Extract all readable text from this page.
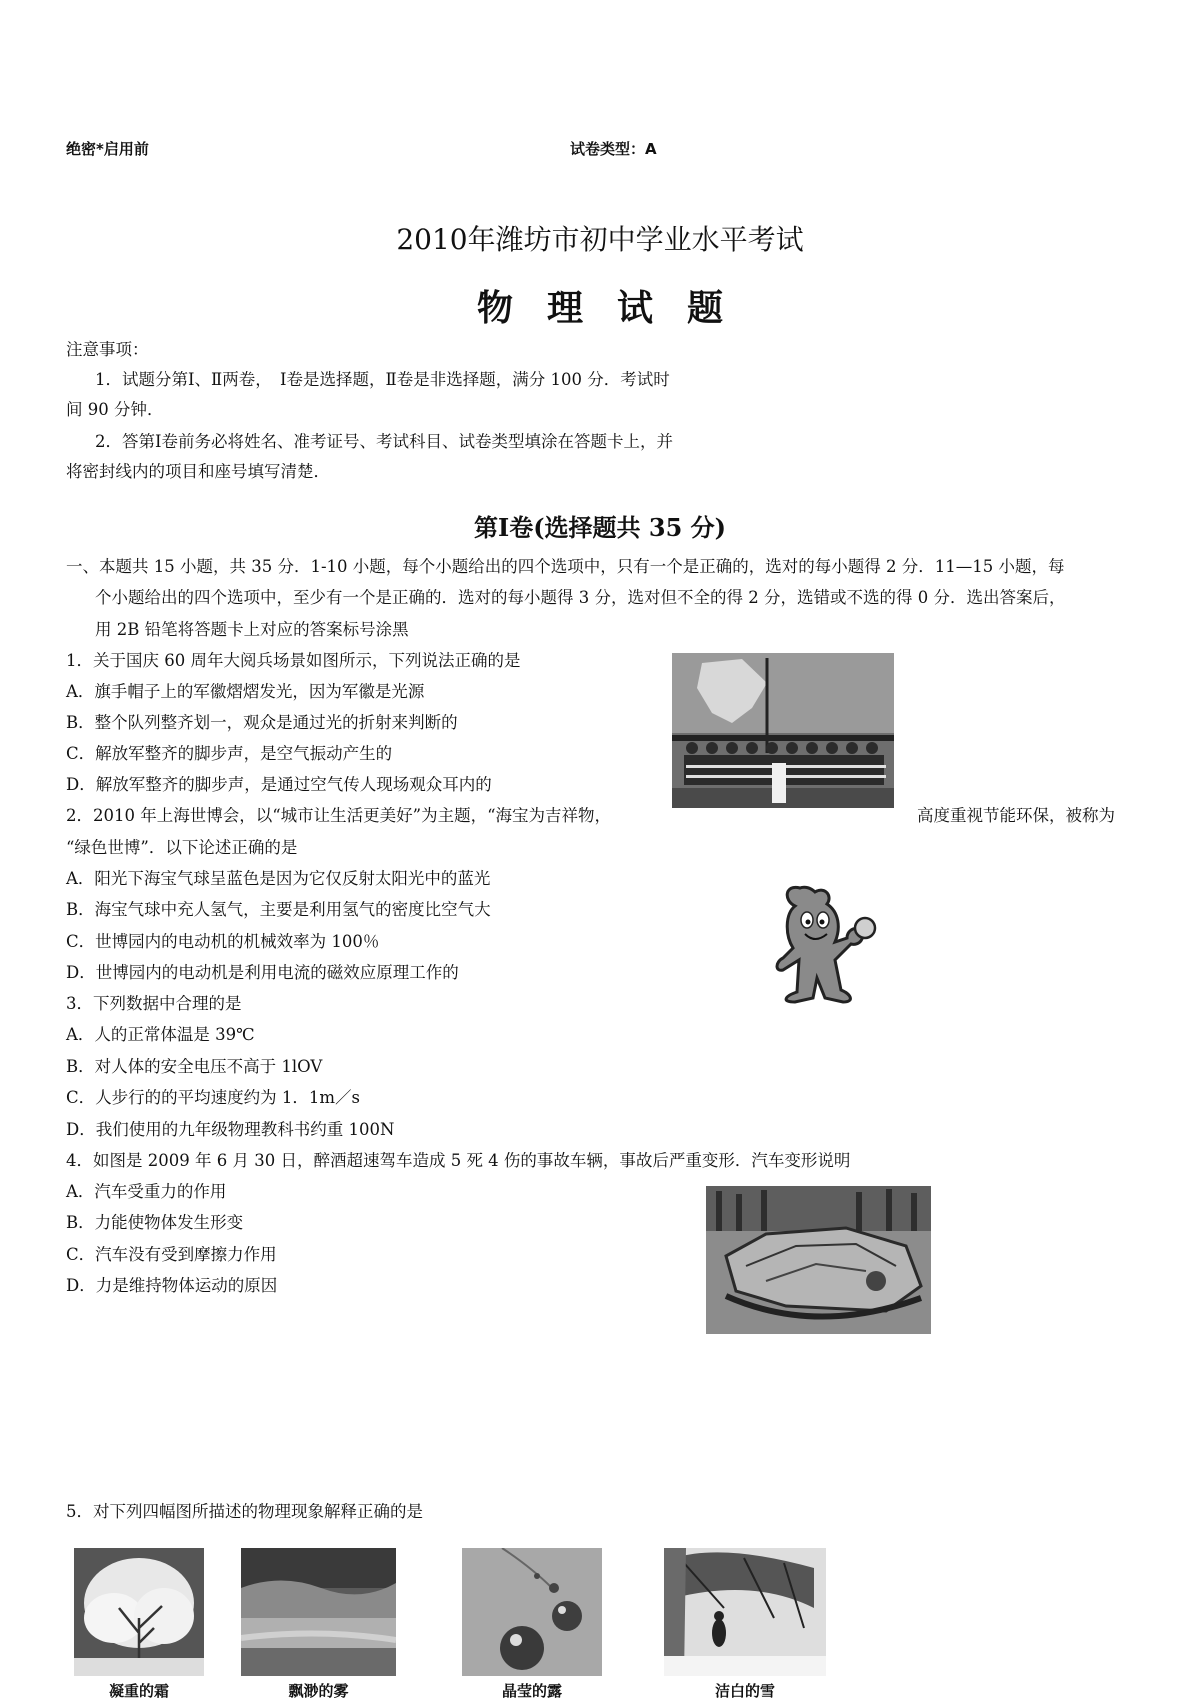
绝密*启用前	试卷类型：A
2010年潍坊市初中学业水平考试
物理试题
注意事项：
1．试题分第Ⅰ、Ⅱ两卷，　Ⅰ卷是选择题，Ⅱ卷是非选择题，满分 100 分．考试时
间 90 分钟．
2．答第Ⅰ卷前务必将姓名、准考证号、考试科目、试卷类型填涂在答题卡上，并
将密封线内的项目和座号填写清楚．
第Ⅰ卷(选择题共 35 分)
一、本题共 15 小题，共 35 分．1-10 小题，每个小题给出的四个选项中，只有一个是正确的，选对的每小题得 2 分．11—15 小题，每
个小题给出的四个选项中，至少有一个是正确的．选对的每小题得 3 分，选对但不全的得 2 分，选错或不选的得 0 分．选出答案后，
用 2B 铅笔将答题卡上对应的答案标号涂黑
1．关于国庆 60 周年大阅兵场景如图所示，下列说法正确的是
A．旗手帽子上的军徽熠熠发光，因为军徽是光源
B．整个队列整齐划一，观众是通过光的折射来判断的
C．解放军整齐的脚步声，是空气振动产生的
D．解放军整齐的脚步声，是通过空气传人现场观众耳内的
2．2010 年上海世博会，以“城市让生活更美好”为主题，“海宝为吉祥物，	高度重视节能环保，被称为
“绿色世博”．以下论述正确的是
A．阳光下海宝气球呈蓝色是因为它仅反射太阳光中的蓝光
B．海宝气球中充人氢气，主要是利用氢气的密度比空气大
C．世博园内的电动机的机械效率为 100％
D．世博园内的电动机是利用电流的磁效应原理工作的
3．下列数据中合理的是
A．人的正常体温是 39℃
B．对人体的安全电压不高于 1lOV
C．人步行的的平均速度约为 1．1m／s
D．我们使用的九年级物理教科书约重 100N
4．如图是 2009 年 6 月 30 日，醉酒超速驾车造成 5 死 4 伤的事故车辆，事故后严重变形．汽车变形说明
A．汽车受重力的作用
B．力能使物体发生形变
C．汽车没有受到摩擦力作用
D．力是维持物体运动的原因
5．对下列四幅图所描述的物理现象解释正确的是
凝重的霜	飘渺的雾	晶莹的露	洁白的雪
